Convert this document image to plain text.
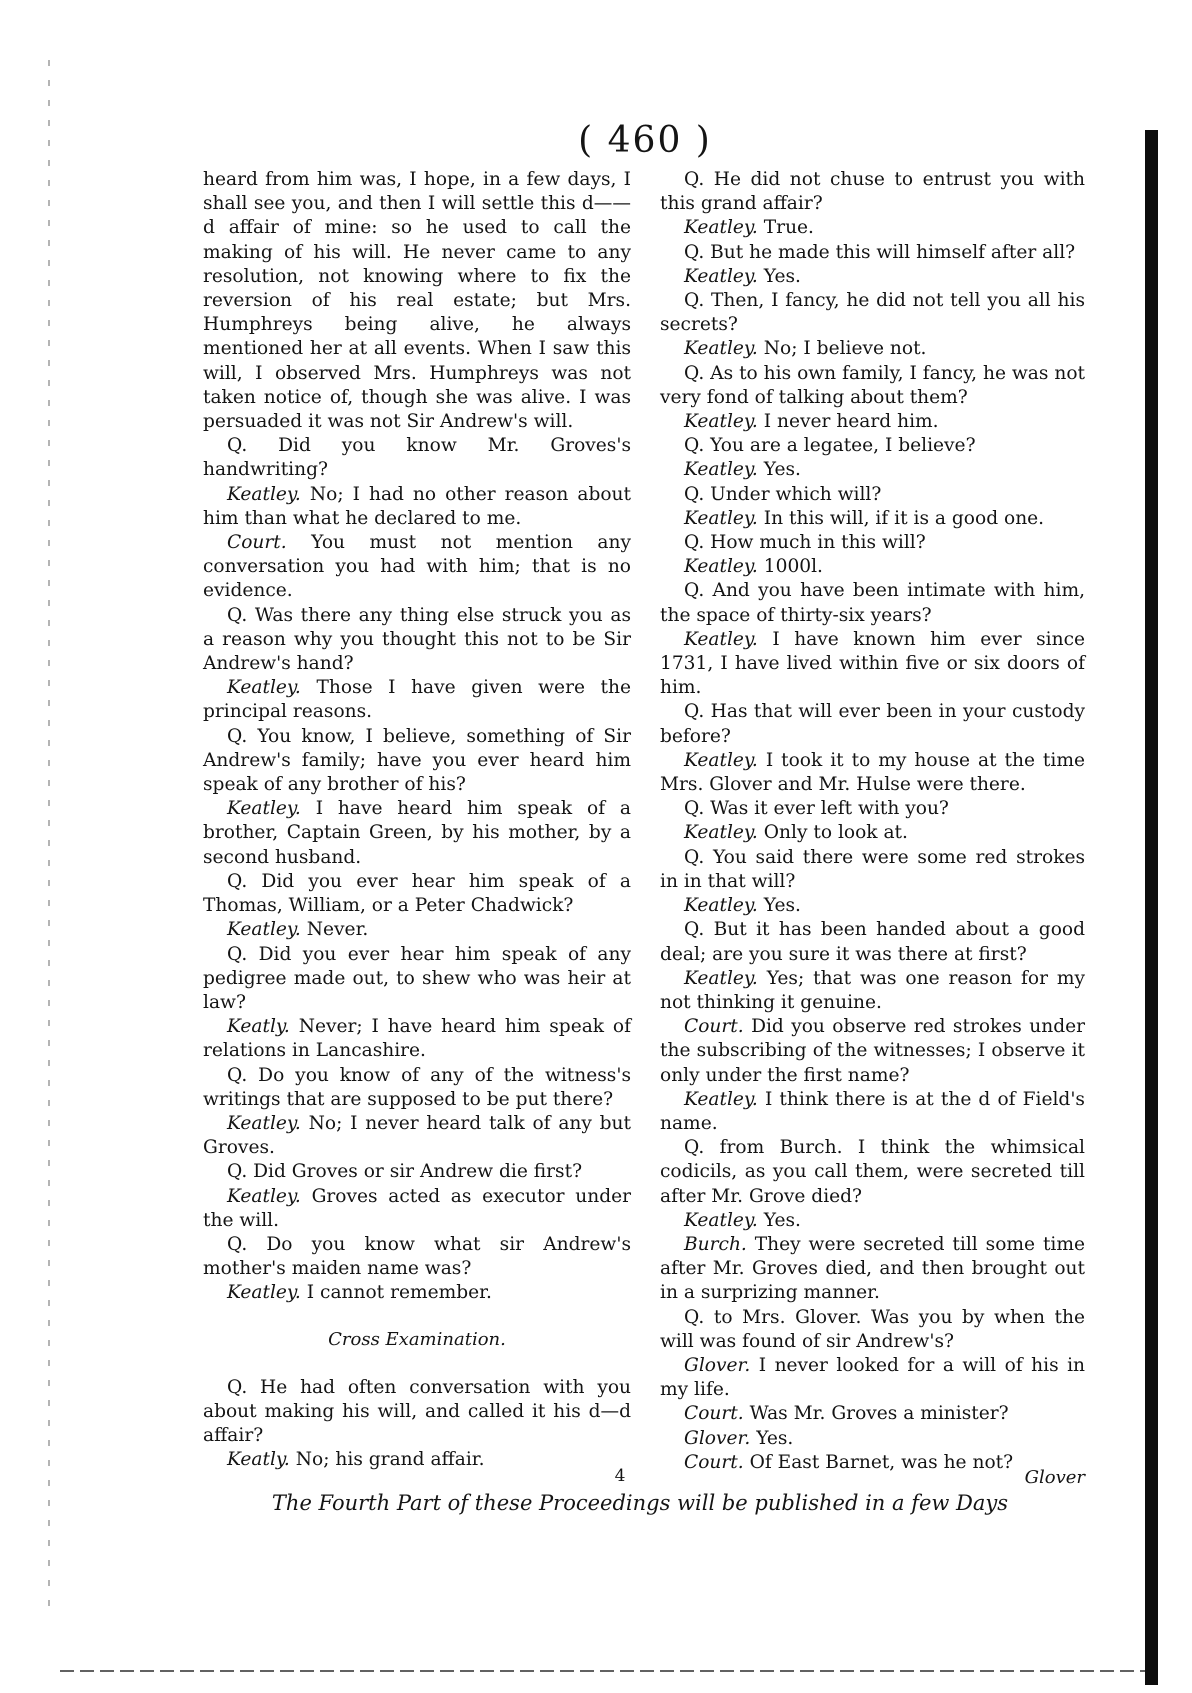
( 460 )

heard from him was, I hope, in a few days, I shall see you, and then I will settle this d——d affair of mine: so he used to call the making of his will. He never came to any resolution, not knowing where to fix the reversion of his real estate; but Mrs. Humphreys being alive, he always mentioned her at all events. When I saw this will, I observed Mrs. Humphreys was not taken notice of, though she was alive. I was persuaded it was not Sir Andrew's will.

Q. Did you know Mr. Groves's handwriting?

Keatley. No; I had no other reason about him than what he declared to me.

Court. You must not mention any conversation you had with him; that is no evidence.

Q. Was there any thing else struck you as a reason why you thought this not to be Sir Andrew's hand?

Keatley. Those I have given were the principal reasons.

Q. You know, I believe, something of Sir Andrew's family; have you ever heard him speak of any brother of his?

Keatley. I have heard him speak of a brother, Captain Green, by his mother, by a second husband.

Q. Did you ever hear him speak of a Thomas, William, or a Peter Chadwick?

Keatley. Never.

Q. Did you ever hear him speak of any pedigree made out, to shew who was heir at law?

Keatly. Never; I have heard him speak of relations in Lancashire.

Q. Do you know of any of the witness's writings that are supposed to be put there?

Keatley. No; I never heard talk of any but Groves.

Q. Did Groves or sir Andrew die first?

Keatley. Groves acted as executor under the will.

Q. Do you know what sir Andrew's mother's maiden name was?

Keatley. I cannot remember.

Cross Examination.

Q. He had often conversation with you about making his will, and called it his d—d affair?

Keatly. No; his grand affair.

Q. He did not chuse to entrust you with this grand affair?

Keatley. True.

Q. But he made this will himself after all?

Keatley. Yes.

Q. Then, I fancy, he did not tell you all his secrets?

Keatley. No; I believe not.

Q. As to his own family, I fancy, he was not very fond of talking about them?

Keatley. I never heard him.

Q. You are a legatee, I believe?

Keatley. Yes.

Q. Under which will?

Keatley. In this will, if it is a good one.

Q. How much in this will?

Keatley. 1000l.

Q. And you have been intimate with him, the space of thirty-six years?

Keatley. I have known him ever since 1731, I have lived within five or six doors of him.

Q. Has that will ever been in your custody before?

Keatley. I took it to my house at the time Mrs. Glover and Mr. Hulse were there.

Q. Was it ever left with you?

Keatley. Only to look at.

Q. You said there were some red strokes in in that will?

Keatley. Yes.

Q. But it has been handed about a good deal; are you sure it was there at first?

Keatley. Yes; that was one reason for my not thinking it genuine.

Court. Did you observe red strokes under the subscribing of the witnesses; I observe it only under the first name?

Keatley. I think there is at the d of Field's name.

Q. from Burch. I think the whimsical codicils, as you call them, were secreted till after Mr. Grove died?

Keatley. Yes.

Burch. They were secreted till some time after Mr. Groves died, and then brought out in a surprizing manner.

Q. to Mrs. Glover. Was you by when the will was found of sir Andrew's?

Glover. I never looked for a will of his in my life.

Court. Was Mr. Groves a minister?

Glover. Yes.

Court. Of East Barnet, was he not?

4	Glover
The Fourth Part of these Proceedings will be published in a few Days
